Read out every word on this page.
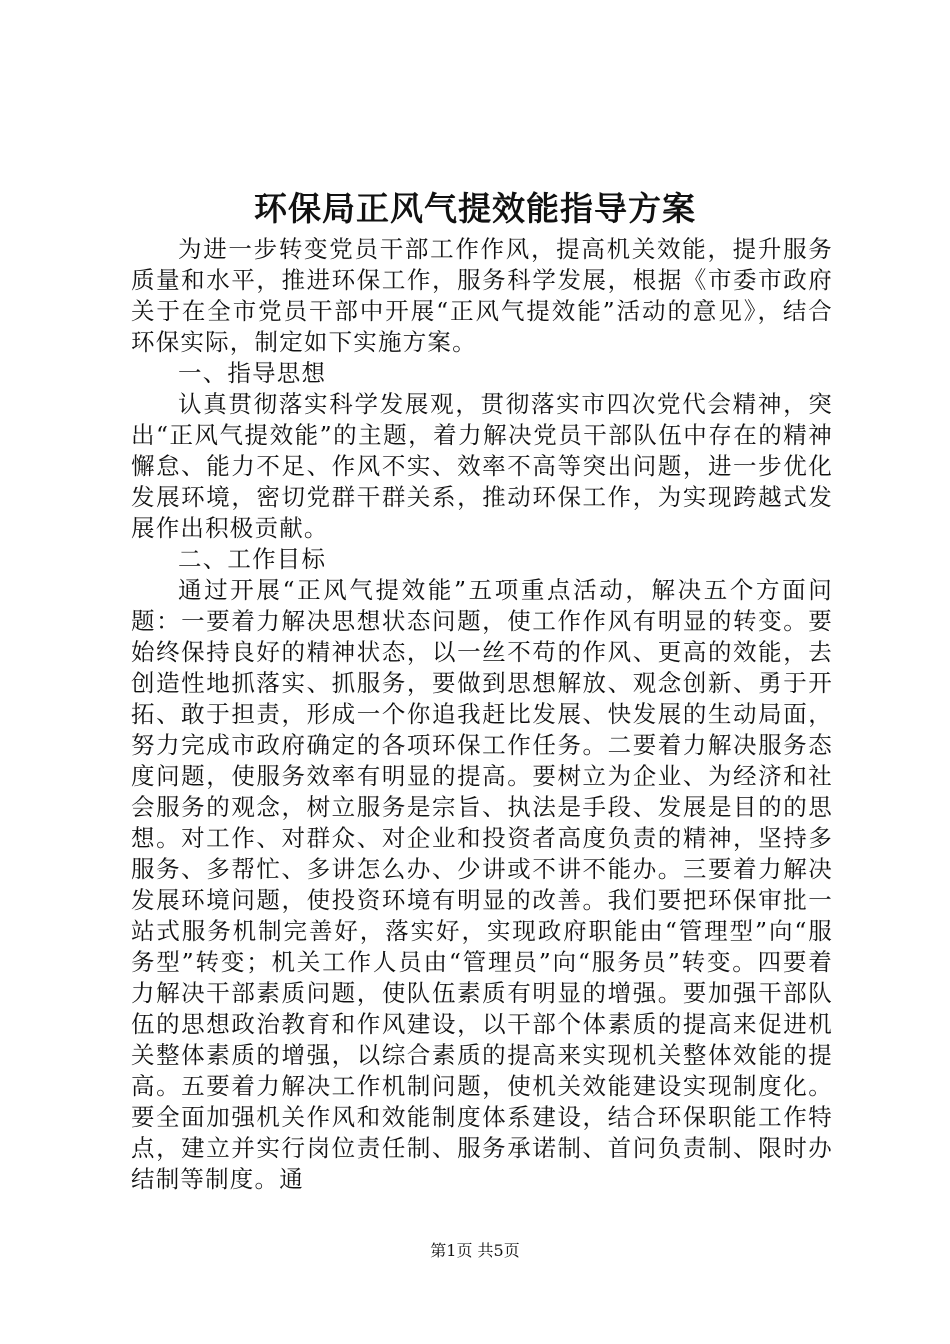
环保局正风气提效能指导方案

为进一步转变党员干部工作作风，提高机关效能，提升服务质量和水平，推进环保工作，服务科学发展，根据《市委市政府关于在全市党员干部中开展“正风气提效能”活动的意见》，结合环保实际，制定如下实施方案。

一、指导思想

认真贯彻落实科学发展观，贯彻落实市四次党代会精神，突出“正风气提效能”的主题，着力解决党员干部队伍中存在的精神懈怠、能力不足、作风不实、效率不高等突出问题，进一步优化发展环境，密切党群干群关系，推动环保工作，为实现跨越式发展作出积极贡献。

二、工作目标

通过开展“正风气提效能”五项重点活动，解决五个方面问题：一要着力解决思想状态问题，使工作作风有明显的转变。要始终保持良好的精神状态，以一丝不苟的作风、更高的效能，去创造性地抓落实、抓服务，要做到思想解放、观念创新、勇于开拓、敢于担责，形成一个你追我赶比发展、快发展的生动局面，努力完成市政府确定的各项环保工作任务。二要着力解决服务态度问题，使服务效率有明显的提高。要树立为企业、为经济和社会服务的观念，树立服务是宗旨、执法是手段、发展是目的的思想。对工作、对群众、对企业和投资者高度负责的精神，坚持多服务、多帮忙、多讲怎么办、少讲或不讲不能办。三要着力解决发展环境问题，使投资环境有明显的改善。我们要把环保审批一站式服务机制完善好，落实好，实现政府职能由“管理型”向“服务型”转变；机关工作人员由“管理员”向“服务员”转变。四要着力解决干部素质问题，使队伍素质有明显的增强。要加强干部队伍的思想政治教育和作风建设，以干部个体素质的提高来促进机关整体素质的增强，以综合素质的提高来实现机关整体效能的提高。五要着力解决工作机制问题，使机关效能建设实现制度化。要全面加强机关作风和效能制度体系建设，结合环保职能工作特点，建立并实行岗位责任制、服务承诺制、首问负责制、限时办结制等制度。通

第1页 共5页
